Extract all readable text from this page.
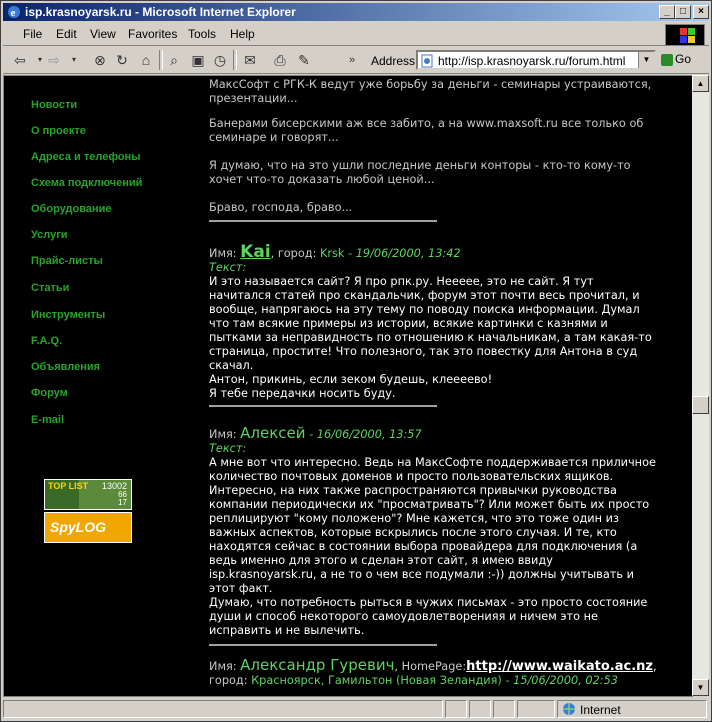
e isp.krasnoyarsk.ru - Microsoft Internet Explorer	_	□	×
File Edit View Favorites Tools Help
⇦	▾ ⇨	▾	⊗ ↻ ⌂	⌕ ▣ ◷ ✉ ⎙ ✎	»	Address http://isp.krasnoyarsk.ru/forum.html	▼	Go
Новости
О проекте
Адреса и телефоны
Схема подключений
Оборудование
Услуги
Прайс-листы
Статьи
Инструменты
F.A.Q.
Объявления
Форум
E-mail
TOP LIST 13002
66
17
SpyLOG

МаксСофт с РГК-К ведут уже борьбу за деньги - семинары устраиваются, презентации...

Банерами бисерскими аж все забито, а на www.maxsoft.ru все только об семинаре и говорят...

Я думаю, что на это ушли последние деньги конторы - кто-то кому-то хочет что-то доказать любой ценой...

Браво, господа, браво...

Имя: Kai, город: Krsk - 19/06/2000, 13:42
Текст:

И это называется сайт? Я про рпк.ру. Неееее, это не сайт. Я тут начитался статей про скандальчик, форум этот почти весь прочитал, и вообще, напрягаюсь на эту тему по поводу поиска информации. Думал что там всякие примеры из истории, всякие картинки с казнями и пытками за неправидность по отношению к начальникам, а там какая-то страница, простите! Что полезного, так это повестку для Антона в суд скачал.

Антон, прикинь, если зеком будешь, клеееево!

Я тебе передачки носить буду.

Имя: Алексей - 16/06/2000, 13:57
Текст:

А мне вот что интересно. Ведь на МаксСофте поддерживается приличное количество почтовых доменов и просто пользовательских ящиков. Интересно, на них также распространяются привычки руководства компании периодически их "просматривать"? Или может быть их просто реплицируют "кому положено"? Мне кажется, что это тоже один из важных аспектов, которые вскрылись после этого случая. И те, кто находятся сейчас в состоянии выбора провайдера для подключения (а ведь именно для этого и сделан этот сайт, я имею ввиду isp.krasnoyarsk.ru, а не то о чем все подумали :-)) должны учитывать и этот факт.

Думаю, что потребность рыться в чужих письмах - это просто состояние души и способ некоторого самоудовлетворенияя и ничем это не исправить и не вылечить.

Имя: Александр Гуревич, HomePage:http://www.waikato.ac.nz,
город: Красноярск, Гамильтон (Новая Зеландия) - 15/06/2000, 02:53
▲
▼
Internet
